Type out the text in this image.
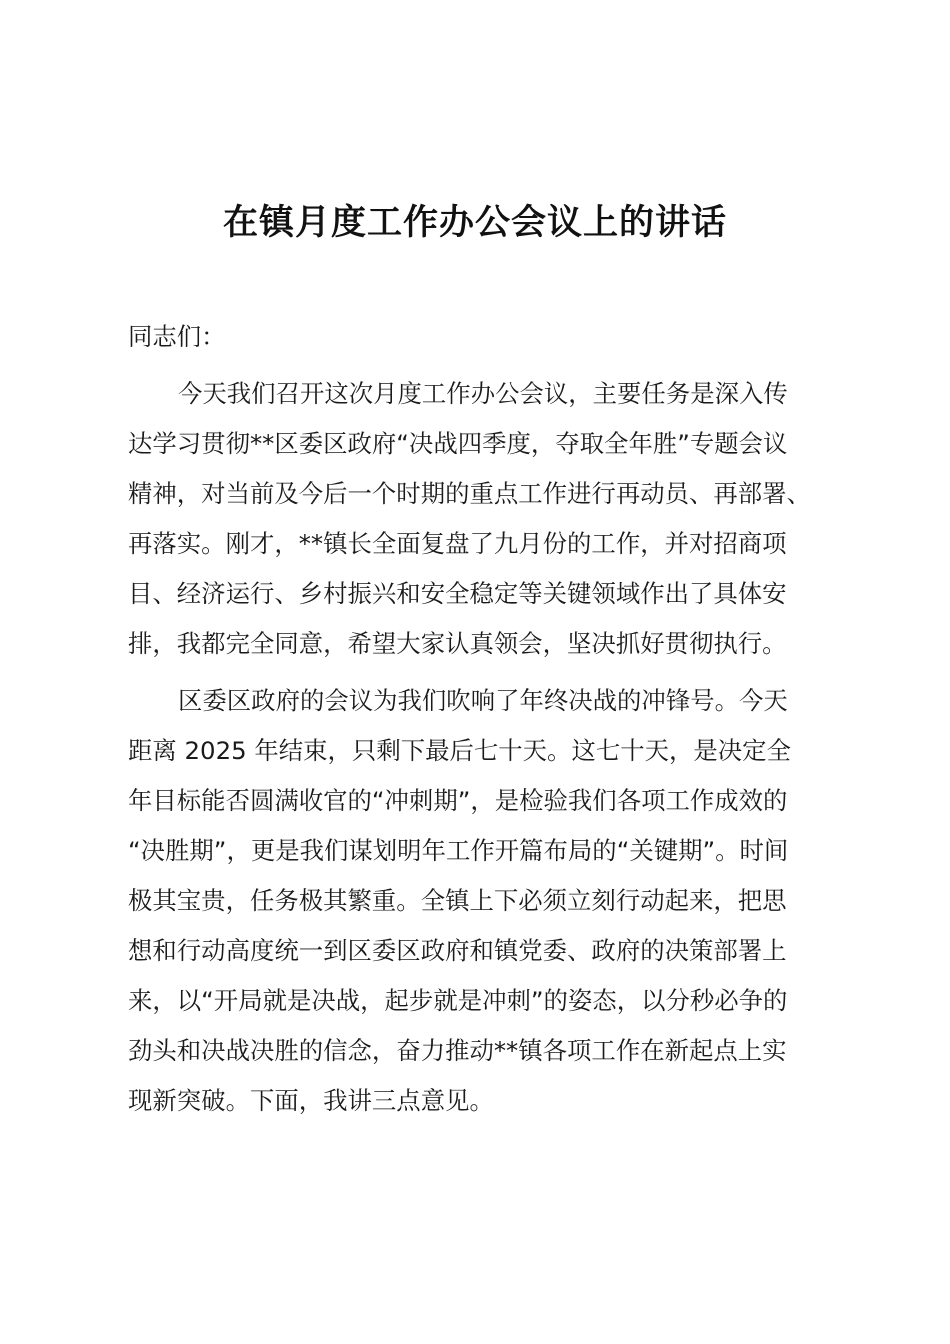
在镇月度工作办公会议上的讲话
同志们：
今天我们召开这次月度工作办公会议，主要任务是深入传
达学习贯彻**区委区政府“决战四季度，夺取全年胜”专题会议
精神，对当前及今后一个时期的重点工作进行再动员、再部署、
再落实。刚才，**镇长全面复盘了九月份的工作，并对招商项
目、经济运行、乡村振兴和安全稳定等关键领域作出了具体安
排，我都完全同意，希望大家认真领会，坚决抓好贯彻执行。
区委区政府的会议为我们吹响了年终决战的冲锋号。今天
距离 2025 年结束，只剩下最后七十天。这七十天，是决定全
年目标能否圆满收官的“冲刺期”，是检验我们各项工作成效的
“决胜期”，更是我们谋划明年工作开篇布局的“关键期”。时间
极其宝贵，任务极其繁重。全镇上下必须立刻行动起来，把思
想和行动高度统一到区委区政府和镇党委、政府的决策部署上
来，以“开局就是决战，起步就是冲刺”的姿态，以分秒必争的
劲头和决战决胜的信念，奋力推动**镇各项工作在新起点上实
现新突破。下面，我讲三点意见。
